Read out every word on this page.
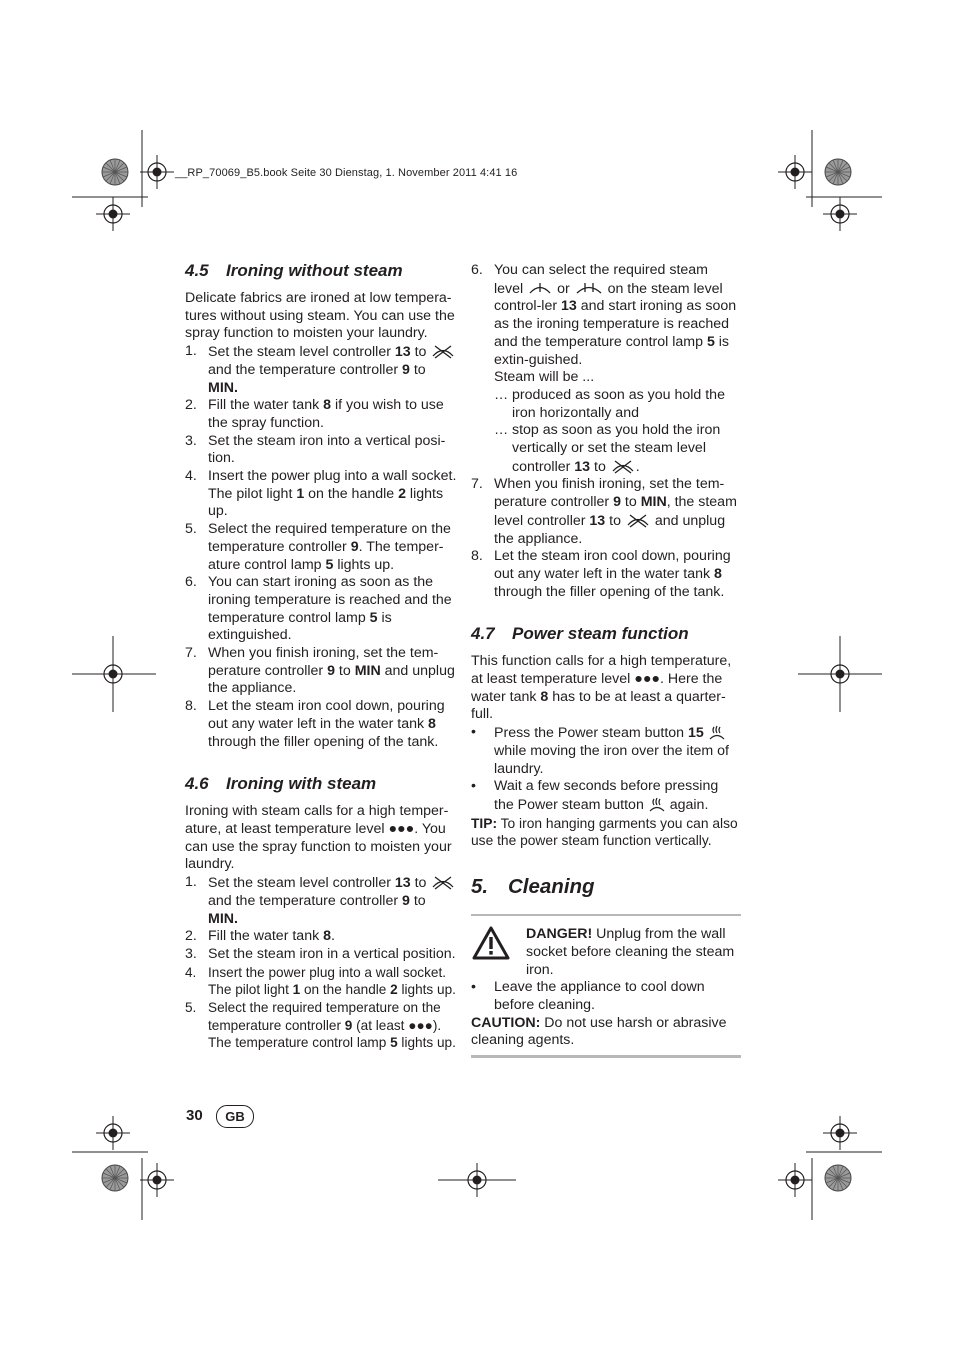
__RP_70069_B5.book Seite 30 Dienstag, 1. November 2011 4:41 16
4.5 Ironing without steam

Delicate fabrics are ironed at low tempera-tures without using steam. You can use the spray function to moisten your laundry.

1. Set the steam level controller 13 to  and the temperature controller 9 to MIN.
2. Fill the water tank 8 if you wish to use the spray function.
3. Set the steam iron into a vertical posi-tion.
4. Insert the power plug into a wall socket. The pilot light 1 on the handle 2 lights up.
5. Select the required temperature on the temperature controller 9. The temper-ature control lamp 5 lights up.
6. You can start ironing as soon as the ironing temperature is reached and the temperature control lamp 5 is extinguished.
7. When you finish ironing, set the tem-perature controller 9 to MIN and unplug the appliance.
8. Let the steam iron cool down, pouring out any water left in the water tank 8 through the filler opening of the tank.
4.6 Ironing with steam

Ironing with steam calls for a high temper-ature, at least temperature level ●●●. You can use the spray function to moisten your laundry.

1. Set the steam level controller 13 to  and the temperature controller 9 to MIN.
2. Fill the water tank 8.
3. Set the steam iron in a vertical position.
4. Insert the power plug into a wall socket. The pilot light 1 on the handle 2 lights up.
5. Select the required temperature on the temperature controller 9 (at least ●●●). The temperature control lamp 5 lights up.
6. You can select the required steam level  or  on the steam level control-ler 13 and start ironing as soon as the ironing temperature is reached and the temperature control lamp 5 is extin-guished.
Steam will be ...
… produced as soon as you hold the iron horizontally and
… stop as soon as you hold the iron vertically or set the steam level controller 13 to .
7. When you finish ironing, set the tem-perature controller 9 to MIN, the steam level controller 13 to  and unplug the appliance.
8. Let the steam iron cool down, pouring out any water left in the water tank 8 through the filler opening of the tank.
4.7 Power steam function

This function calls for a high temperature, at least temperature level ●●●. Here the water tank 8 has to be at least a quarter-full.

• Press the Power steam button 15  while moving the iron over the item of laundry.
• Wait a few seconds before pressing the Power steam button  again.

TIP: To iron hanging garments you can also use the power steam function vertically.

5. Cleaning
DANGER! Unplug from the wall socket before cleaning the steam iron.
• Leave the appliance to cool down before cleaning.

CAUTION: Do not use harsh or abrasive cleaning agents.

30	GB
